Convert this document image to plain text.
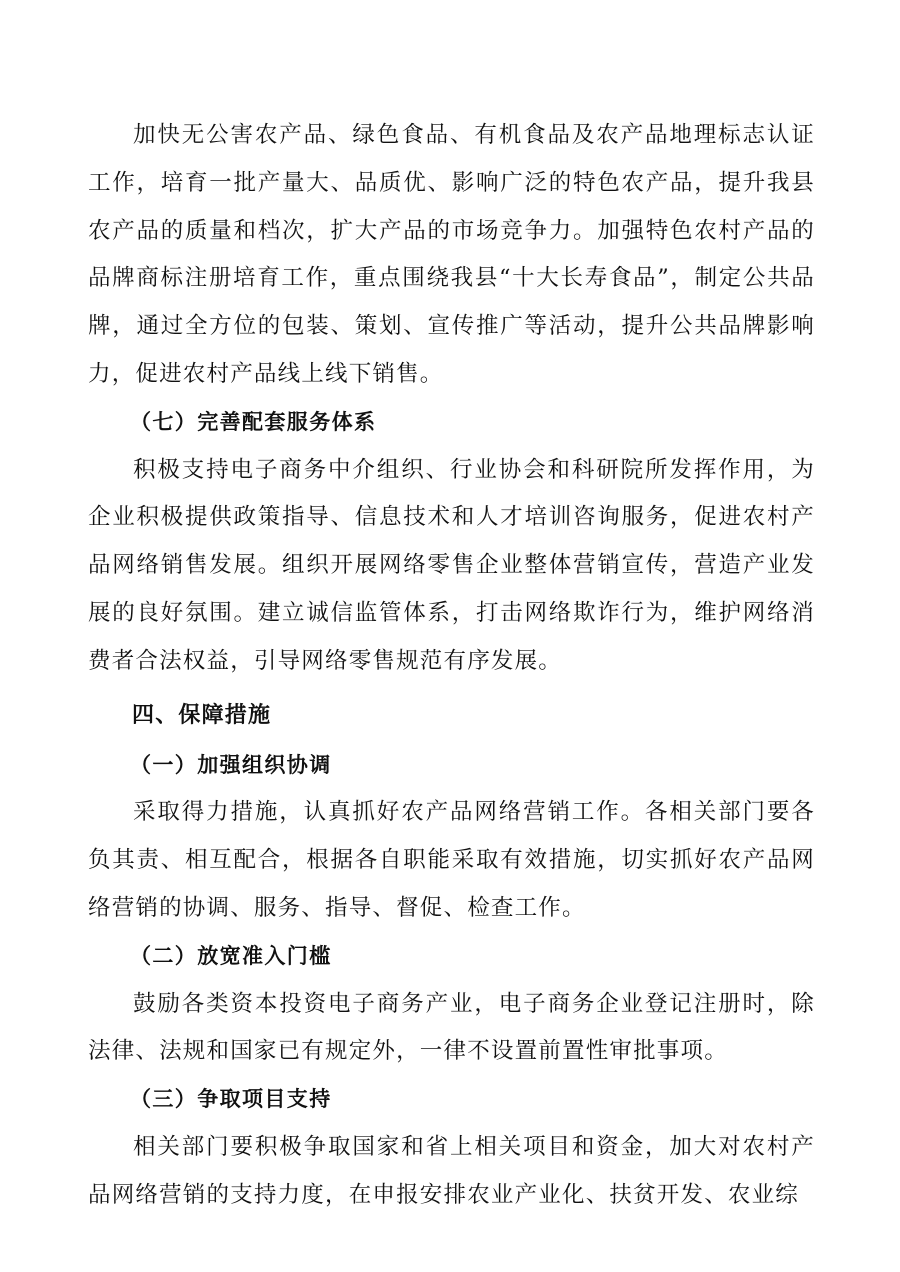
加快无公害农产品、绿色食品、有机食品及农产品地理标志认证工作，培育一批产量大、品质优、影响广泛的特色农产品，提升我县农产品的质量和档次，扩大产品的市场竞争力。加强特色农村产品的品牌商标注册培育工作，重点围绕我县“十大长寿食品”，制定公共品牌，通过全方位的包装、策划、宣传推广等活动，提升公共品牌影响力，促进农村产品线上线下销售。

（七）完善配套服务体系

积极支持电子商务中介组织、行业协会和科研院所发挥作用，为企业积极提供政策指导、信息技术和人才培训咨询服务，促进农村产品网络销售发展。组织开展网络零售企业整体营销宣传，营造产业发展的良好氛围。建立诚信监管体系，打击网络欺诈行为，维护网络消费者合法权益，引导网络零售规范有序发展。

四、保障措施

（一）加强组织协调

采取得力措施，认真抓好农产品网络营销工作。各相关部门要各负其责、相互配合，根据各自职能采取有效措施，切实抓好农产品网络营销的协调、服务、指导、督促、检查工作。

（二）放宽准入门槛

鼓励各类资本投资电子商务产业，电子商务企业登记注册时，除法律、法规和国家已有规定外，一律不设置前置性审批事项。

（三）争取项目支持

相关部门要积极争取国家和省上相关项目和资金，加大对农村产品网络营销的支持力度，在申报安排农业产业化、扶贫开发、农业综
